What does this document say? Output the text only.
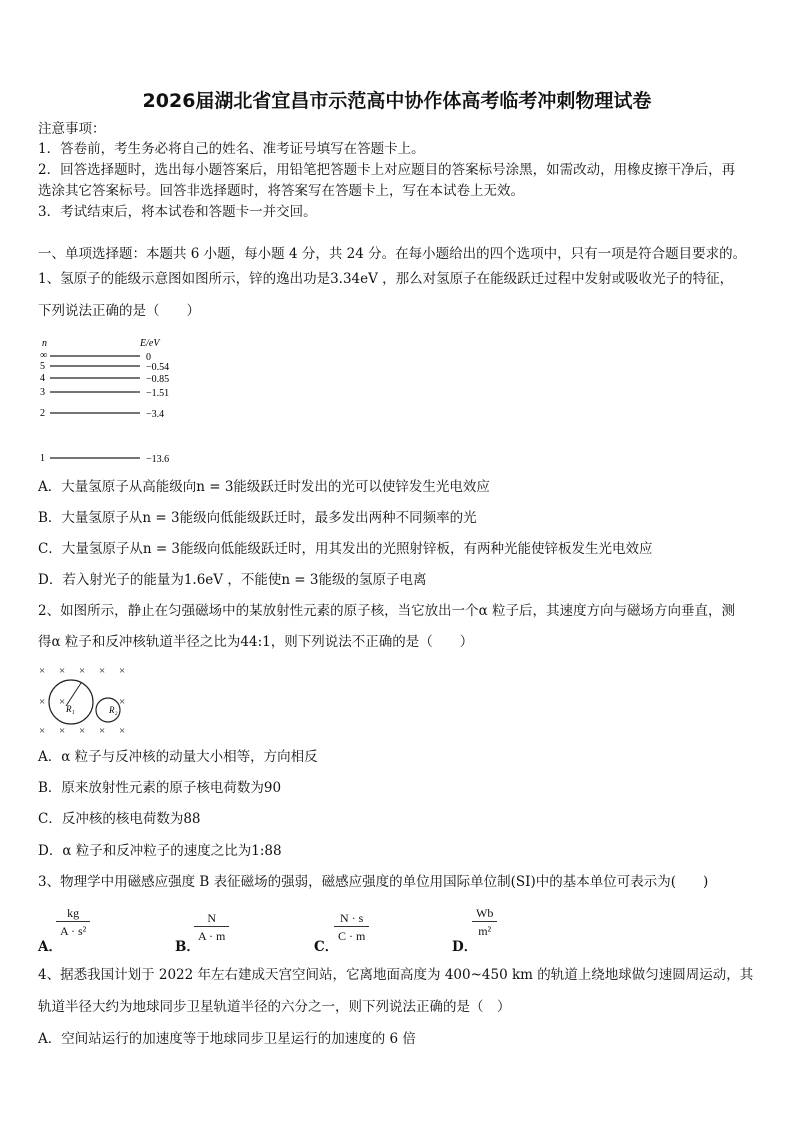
2026届湖北省宜昌市示范高中协作体高考临考冲刺物理试卷
注意事项：
1．答卷前，考生务必将自己的姓名、准考证号填写在答题卡上。
2．回答选择题时，选出每小题答案后，用铅笔把答题卡上对应题目的答案标号涂黑，如需改动，用橡皮擦干净后，再
选涂其它答案标号。回答非选择题时，将答案写在答题卡上，写在本试卷上无效。
3．考试结束后，将本试卷和答题卡一并交回。
一、单项选择题：本题共 6 小题，每小题 4 分，共 24 分。在每小题给出的四个选项中，只有一项是符合题目要求的。
1、氢原子的能级示意图如图所示，锌的逸出功是3.34eV ，那么对氢原子在能级跃迁过程中发射或吸收光子的特征，
下列说法正确的是（　　）
n	E/eV
∞	0
5	−0.54
4	−0.85
3	−1.51
2	−3.4
1	−13.6
A．大量氢原子从高能级向n = 3能级跃迁时发出的光可以使锌发生光电效应
B．大量氢原子从n = 3能级向低能级跃迁时，最多发出两种不同频率的光
C．大量氢原子从n = 3能级向低能级跃迁时，用其发出的光照射锌板，有两种光能使锌板发生光电效应
D．若入射光子的能量为1.6eV ，不能使n = 3能级的氢原子电离
2、如图所示，静止在匀强磁场中的某放射性元素的原子核，当它放出一个α 粒子后，其速度方向与磁场方向垂直，测
得α 粒子和反冲核轨道半径之比为44:1，则下列说法不正确的是（　　）
× × × × ×
× ×	×
× × × × ×
R₁	R₂
A．α 粒子与反冲核的动量大小相等，方向相反
B．原来放射性元素的原子核电荷数为90
C．反冲核的核电荷数为88
D．α 粒子和反冲粒子的速度之比为1:88
3、物理学中用磁感应强度 B 表征磁场的强弱，磁感应强度的单位用国际单位制(SI)中的基本单位可表示为(　　)
A．
$\frac{kg}{\text{A · s²}}$
B．
$\frac{N}{A \cdot m}$
C．
$\frac{N \cdot s}{C \cdot m}$
D．
$\frac{Wb}{\text{m²}}$
4、据悉我国计划于 2022 年左右建成天宫空间站，它离地面高度为 400~450 km 的轨道上绕地球做匀速圆周运动，其
轨道半径大约为地球同步卫星轨道半径的六分之一，则下列说法正确的是（　）
A．空间站运行的加速度等于地球同步卫星运行的加速度的 6 倍
